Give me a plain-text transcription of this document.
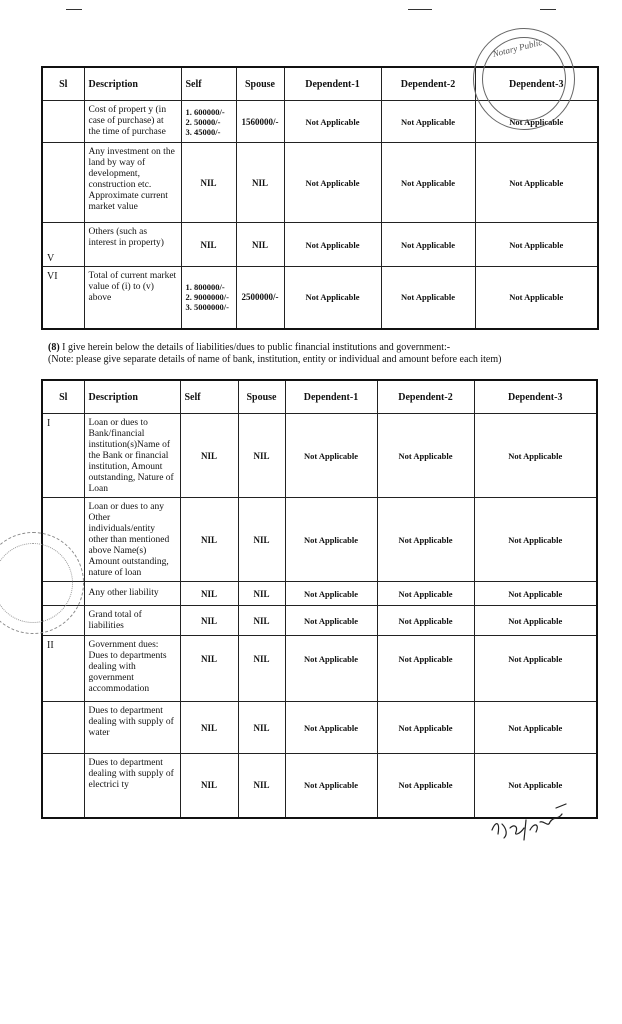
Sl	Description	Self	Spouse	Dependent-1	Dependent-2	Dependent-3
	Cost of propert y (in case of purchase) at the time of purchase	1. 600000/-
2. 50000/-
3. 45000/-	1560000/-	Not Applicable	Not Applicable	Not Applicable
	Any investment on the land by way of development, construction etc. Approximate current market value	NIL	NIL	Not Applicable	Not Applicable	Not Applicable
V	Others (such as interest in property)	NIL	NIL	Not Applicable	Not Applicable	Not Applicable
VI	Total of current market value of (i) to (v) above	1. 800000/-
2. 9000000/-
3. 5000000/-	2500000/-	Not Applicable	Not Applicable	Not Applicable
(8) I give herein below the details of liabilities/dues to public financial institutions and government:-
(Note: please give separate details of name of bank, institution, entity or individual and amount before each item)
Sl	Description	Self	Spouse	Dependent-1	Dependent-2	Dependent-3
I	Loan or dues to Bank/financial institution(s)Name of the Bank or financial institution, Amount outstanding, Nature of Loan	NIL	NIL	Not Applicable	Not Applicable	Not Applicable
	Loan or dues to any Other individuals/entity other than mentioned above Name(s) Amount outstanding, nature of loan	NIL	NIL	Not Applicable	Not Applicable	Not Applicable
	Any other liability	NIL	NIL	Not Applicable	Not Applicable	Not Applicable
	Grand total of liabilities	NIL	NIL	Not Applicable	Not Applicable	Not Applicable
II	Government dues: Dues to departments dealing with government accommodation	NIL	NIL	Not Applicable	Not Applicable	Not Applicable
	Dues to department dealing with supply of water	NIL	NIL	Not Applicable	Not Applicable	Not Applicable
	Dues to department dealing with supply of electrici ty	NIL	NIL	Not Applicable	Not Applicable	Not Applicable
Notary Public
